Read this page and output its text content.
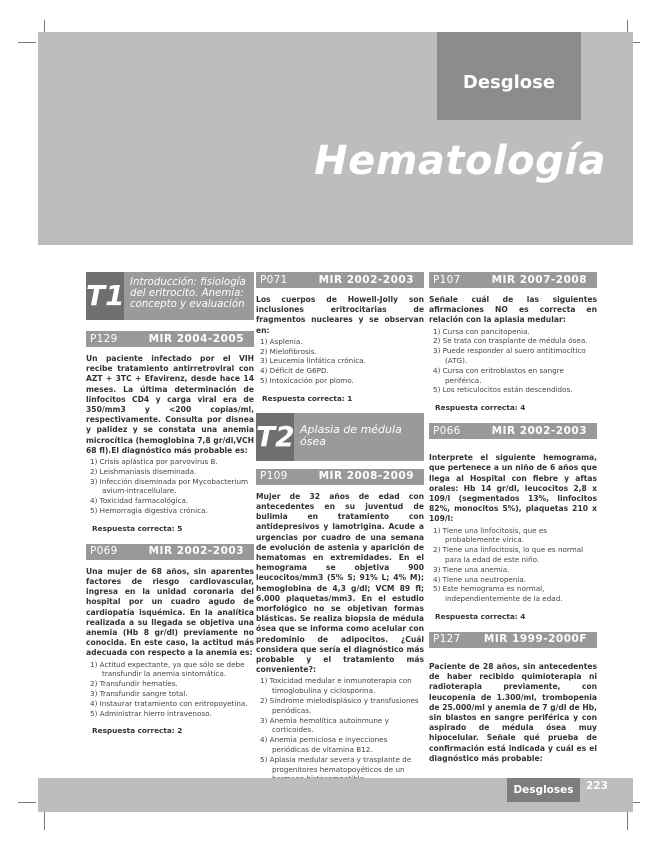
Desglose
Hematología
T1 Introducción: fisiología del eritrocito. Anemia: concepto y evaluación
P129	MIR 2004-2005
Un paciente infectado por el VIH recibe tratamiento antirretroviral con AZT + 3TC + Efavirenz, desde hace 14 meses. La última determinación de linfocitos CD4 y carga viral era de 350/mm3 y <200 copias/ml, respectivamente. Consulta por disnea y palidez y se constata una anemia microcítica (hemoglobina 7,8 gr/dl,VCH 68 fl).El diagnóstico más probable es:
1) Crisis aplástica por parvovirus B.
2) Leishmaniasis diseminada.
3) Infección diseminada por Mycobacterium avium-intracellulare.
4) Toxicidad farmacológica.
5) Hemorragia digestiva crónica.
Respuesta correcta: 5
P069	MIR 2002-2003
Una mujer de 68 años, sin aparentes factores de riesgo cardiovascular, ingresa en la unidad coronaria del hospital por un cuadro agudo de cardiopatía isquémica. En la analítica realizada a su llegada se objetiva una anemia (Hb 8 gr/dl) previamente no conocida. En este caso, la actitud más adecuada con respecto a la anemia es:
1) Actitud expectante, ya que sólo se debe transfundir la anemia sintomática.
2) Transfundir hematíes.
3) Transfundir sangre total.
4) Instaurar tratamiento con eritropoyetina.
5) Administrar hierro intravenoso.
Respuesta correcta: 2
P071	MIR 2002-2003
Los cuerpos de Howell-Jolly son inclusiones eritrocitarias de fragmentos nucleares y se observan en:
1) Asplenia.
2) Mielofibrosis.
3) Leucemia linfática crónica.
4) Déficit de G6PD.
5) Intoxicación por plomo.
Respuesta correcta: 1
T2 Aplasia de médula ósea
P109	MIR 2008-2009
Mujer de 32 años de edad con antecedentes en su juventud de bulimia en tratamiento con antidepresivos y lamotrigina. Acude a urgencias por cuadro de una semana de evolución de astenia y aparición de hematomas en extremidades. En el hemograma se objetiva 900 leucocitos/mm3 (5% S; 91% L; 4% M); hemoglobina de 4,3 g/dl; VCM 89 fl; 6.000 plaquetas/mm3. En el estudio morfológico no se objetivan formas blásticas. Se realiza biopsia de médula ósea que se informa como acelular con predominio de adipocitos. ¿Cuál considera que sería el diagnóstico más probable y el tratamiento más conveniente?:
1) Toxicidad medular e inmunoterapia con timoglobulina y ciclosporina.
2) Síndrome mielodisplásico y transfusiones periódicas.
3) Anemia hemolítica autoinmune y corticoides.
4) Anemia perniciosa e inyecciones periódicas de vitamina B12.
5) Aplasia medular severa y trasplante de progenitores hematopoyéticos de un
P107	MIR 2007-2008
Señale cuál de las siguientes afirmaciones NO es correcta en relación con la aplasia medular:
1) Cursa con pancitopenia.
2) Se trata con trasplante de médula ósea.
3) Puede responder al suero antitimocítico (ATG).
4) Cursa con eritroblastos en sangre periférica.
5) Los reticulocitos están descendidos.
Respuesta correcta: 4
P066	MIR 2002-2003
Interprete el siguiente hemograma, que pertenece a un niño de 6 años que llega al Hospital con fiebre y aftas orales: Hb 14 gr/dl, leucocitos 2,8 x 109/l (segmentados 13%, linfocitos 82%, monocitos 5%), plaquetas 210 x 109/l:
1) Tiene una linfocitosis, que es probablemente vírica.
2) Tiene una linfocitosis, lo que es normal para la edad de este niño.
3) Tiene una anemia.
4) Tiene una neutropenia.
5) Este hemograma es normal, independientemente de la edad.
Respuesta correcta: 4
P127 MIR 1999-2000F
Paciente de 28 años, sin antecedentes de haber recibido quimioterapia ni radioterapia previamente, con leucopenia de 1.300/ml, trombopenia de 25.000/ml y anemia de 7 g/dl de Hb, sin blastos en sangre periférica y con aspirado de médula ósea muy hipocelular. Señale qué prueba de confirmación está indicada y cuál es el diagnóstico más probable:
Desgloses	223
